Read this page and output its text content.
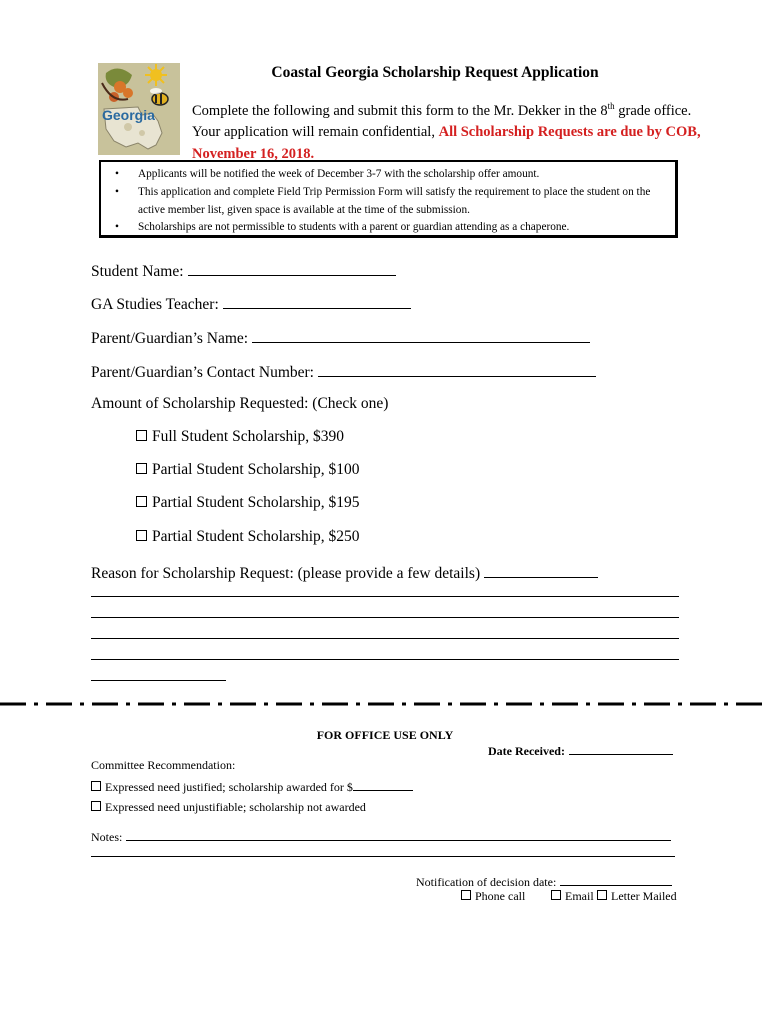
Georgia
Coastal Georgia Scholarship Request Application
Complete the following and submit this form to the Mr. Dekker in the 8th grade office.
Your application will remain confidential, All Scholarship Requests are due by COB, November 16, 2018.
• Applicants will be notified the week of December 3-7 with the scholarship offer amount.
• This application and complete Field Trip Permission Form will satisfy the requirement to place the student on the active member list, given space is available at the time of the submission.
• Scholarships are not permissible to students with a parent or guardian attending as a chaperone.
Student Name:
GA Studies Teacher:
Parent/Guardian’s Name:
Parent/Guardian’s Contact Number:
Amount of Scholarship Requested: (Check one)
Full Student Scholarship, $390
Partial Student Scholarship, $100
Partial Student Scholarship, $195
Partial Student Scholarship, $250
Reason for Scholarship Request: (please provide a few details)
FOR OFFICE USE ONLY
Date Received:
Committee Recommendation:
Expressed need justified; scholarship awarded for $
Expressed need unjustifiable; scholarship not awarded
Notes:
Notification of decision date:
Phone call	Email	Letter Mailed
